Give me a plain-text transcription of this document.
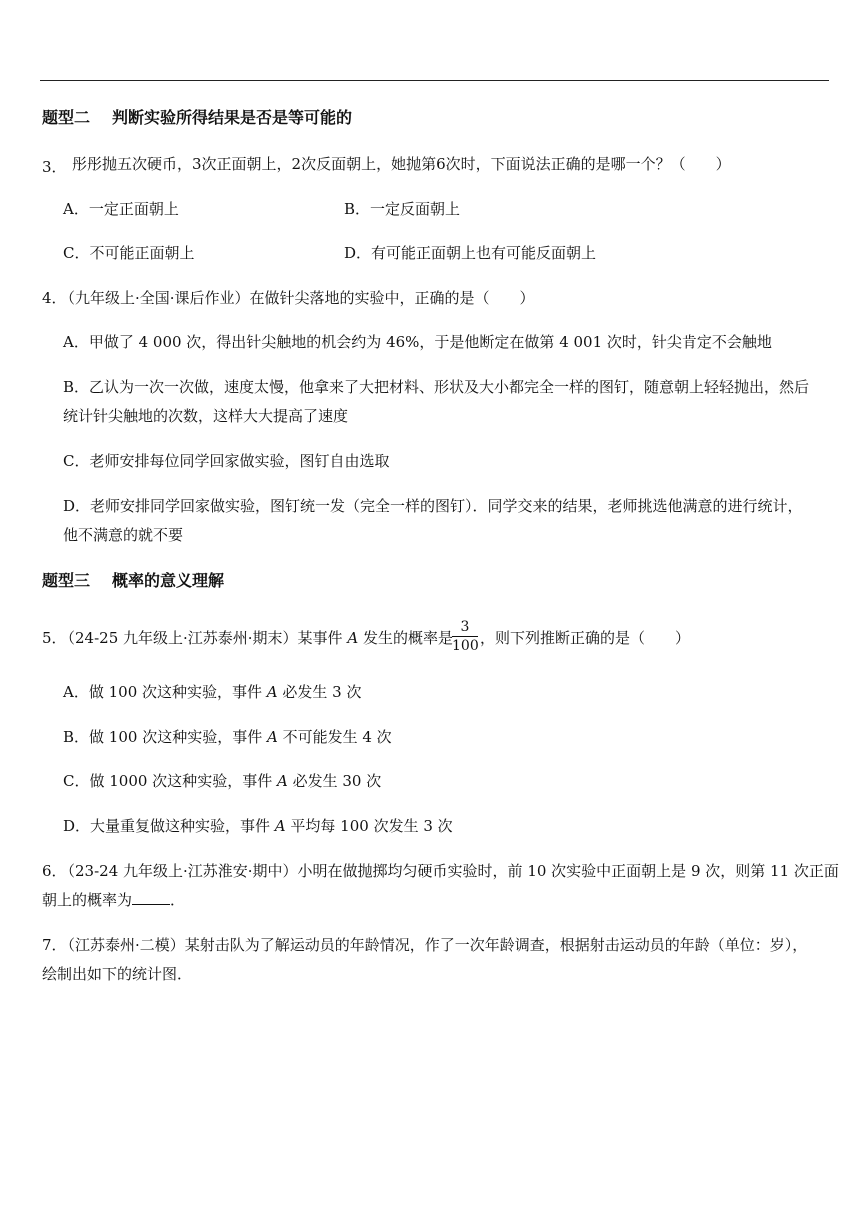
题型二 判断实验所得结果是否是等可能的
3． 彤彤抛五次硬币，3次正面朝上，2次反面朝上，她抛第6次时，下面说法正确的是哪一个？（　　）
A．一定正面朝上	B．一定反面朝上
C．不可能正面朝上	D．有可能正面朝上也有可能反面朝上
4．
（九年级上·全国·课后作业）在做针尖落地的实验中，正确的是（　　）
A．甲做了 4 000 次，得出针尖触地的机会约为 46%，于是他断定在做第 4 001 次时，针尖肯定不会触地
B．乙认为一次一次做，速度太慢，他拿来了大把材料、形状及大小都完全一样的图钉，随意朝上轻轻抛出，然后
统计针尖触地的次数，这样大大提高了速度
C．老师安排每位同学回家做实验，图钉自由选取
D．老师安排同学回家做实验，图钉统一发（完全一样的图钉）．同学交来的结果，老师挑选他满意的进行统计，
他不满意的就不要
题型三 概率的意义理解
5．
（24-25 九年级上·江苏泰州·期末）某事件 A 发生的概率是
3
100 ，则下列推断正确的是（　　）
A．做 100 次这种实验，事件 A 必发生 3 次
B．做 100 次这种实验，事件 A 不可能发生 4 次
C．做 1000 次这种实验，事件 A 必发生 30 次
D．大量重复做这种实验，事件 A 平均每 100 次发生 3 次
6．
（23-24 九年级上·江苏淮安·期中）小明在做抛掷均匀硬币实验时，前 10 次实验中正面朝上是 9 次，则第 11 次正面
朝上的概率为	．
7．
（江苏泰州·二模）某射击队为了解运动员的年龄情况，作了一次年龄调查，根据射击运动员的年龄（单位：岁），
绘制出如下的统计图．
